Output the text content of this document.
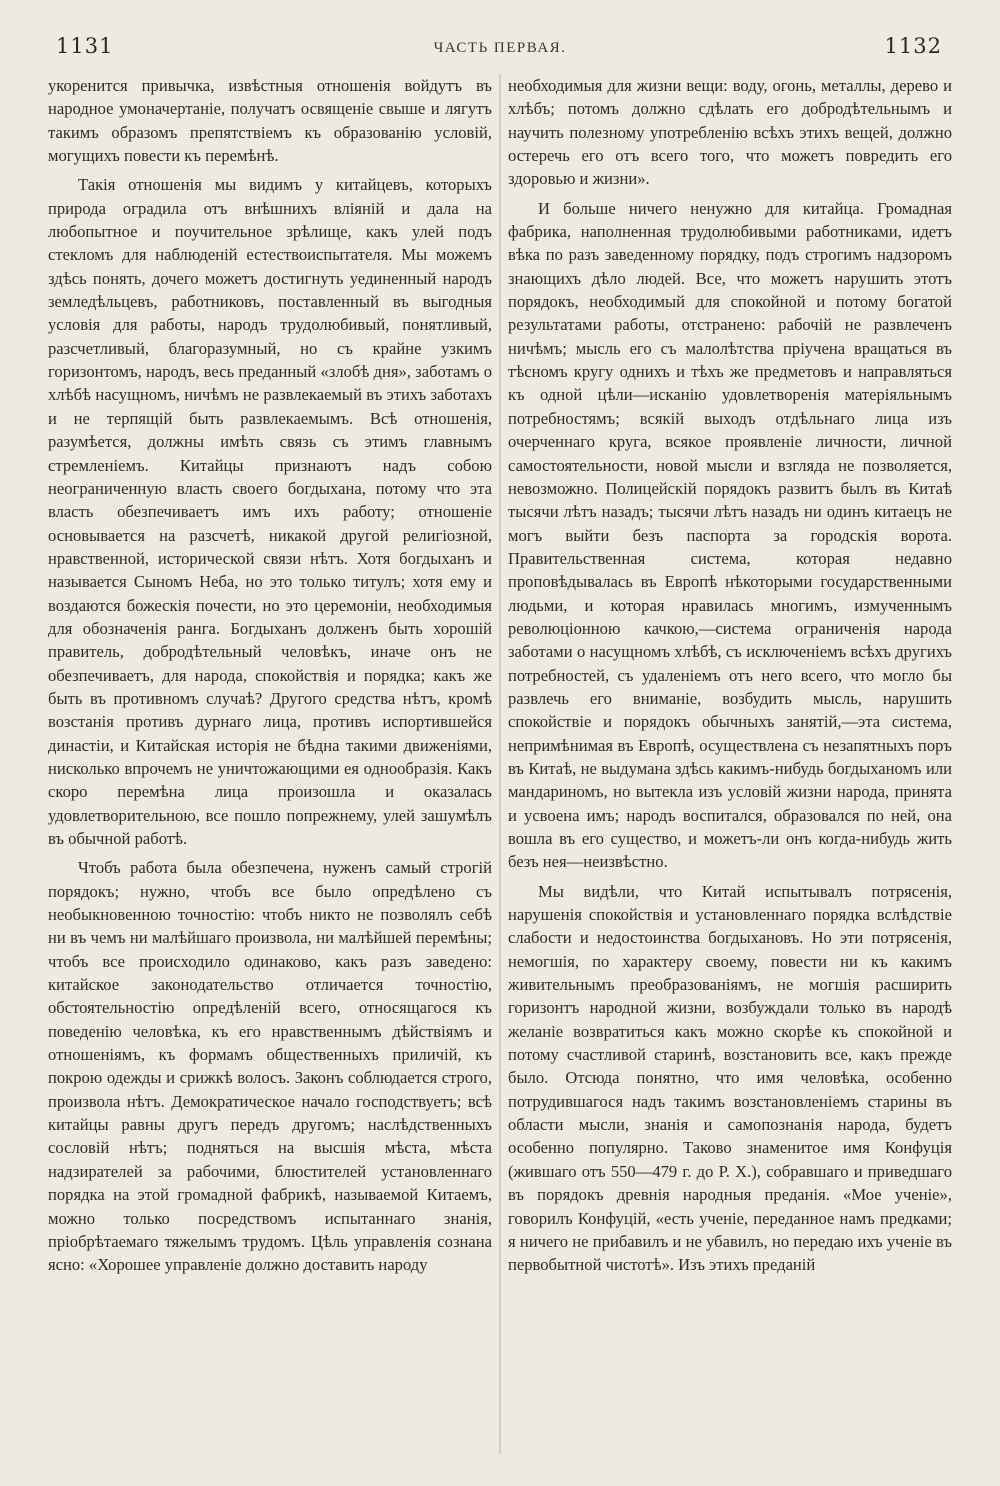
1131	ЧАСТЬ ПЕРВАЯ.	1132

укоренится привычка, извѣстныя отношенія войдутъ въ народное умоначертаніе, получатъ освященіе свыше и лягутъ такимъ образомъ препятствіемъ къ образованію условій, могущихъ повести къ перемѣнѣ.

Такія отношенія мы видимъ у китайцевъ, которыхъ природа оградила отъ внѣшнихъ вліяній и дала на любопытное и поучительное зрѣлище, какъ улей подъ стекломъ для наблюденій естествоиспытателя. Мы можемъ здѣсь понять, дочего можетъ достигнуть уединенный народъ земледѣльцевъ, работниковъ, поставленный въ выгодныя условія для работы, народъ трудолюбивый, понятливый, разсчетливый, благоразумный, но съ крайне узкимъ горизонтомъ, народъ, весь преданный «злобѣ дня», заботамъ о хлѣбѣ насущномъ, ничѣмъ не развлекаемый въ этихъ заботахъ и не терпящій быть развлекаемымъ. Всѣ отношенія, разумѣется, должны имѣть связь съ этимъ главнымъ стремленіемъ. Китайцы признаютъ надъ собою неограниченную власть своего богдыхана, потому что эта власть обезпечиваетъ имъ ихъ работу; отношеніе основывается на разсчетѣ, никакой другой религіозной, нравственной, исторической связи нѣтъ. Хотя богдыханъ и называется Сыномъ Неба, но это только титулъ; хотя ему и воздаются божескія почести, но это церемоніи, необходимыя для обозначенія ранга. Богдыханъ долженъ быть хорошій правитель, добродѣтельный человѣкъ, иначе онъ не обезпечиваетъ, для народа, спокойствія и порядка; какъ же быть въ противномъ случаѣ? Другого средства нѣтъ, кромѣ возстанія противъ дурнаго лица, противъ испортившейся династіи, и Китайская исторія не бѣдна такими движеніями, нисколько впрочемъ не уничтожающими ея однообразія. Какъ скоро перемѣна лица произошла и оказалась удовлетворительною, все пошло попрежнему, улей зашумѣлъ въ обычной работѣ.

Чтобъ работа была обезпечена, нуженъ самый строгій порядокъ; нужно, чтобъ все было опредѣлено съ необыкновенною точностію: чтобъ никто не позволялъ себѣ ни въ чемъ ни малѣйшаго произвола, ни малѣйшей перемѣны; чтобъ все происходило одинаково, какъ разъ заведено: китайское законодательство отличается точностію, обстоятельностію опредѣленій всего, относящагося къ поведенію человѣка, къ его нравственнымъ дѣйствіямъ и отношеніямъ, къ формамъ общественныхъ приличій, къ покрою одежды и срижкѣ волосъ. Законъ соблюдается строго, произвола нѣтъ. Демократическое начало господствуетъ; всѣ китайцы равны другъ передъ другомъ; наслѣдственныхъ сословій нѣтъ; подняться на высшія мѣста, мѣста надзирателей за рабочими, блюстителей установленнаго порядка на этой громадной фабрикѣ, называемой Китаемъ, можно только посредствомъ испытаннаго знанія, пріобрѣтаемаго тяжелымъ трудомъ. Цѣль управленія сознана ясно: «Хорошее управленіе должно доставить народу

необходимыя для жизни вещи: воду, огонь, металлы, дерево и хлѣбъ; потомъ должно сдѣлать его добродѣтельнымъ и научить полезному употребленію всѣхъ этихъ вещей, должно остеречь его отъ всего того, что можетъ повредить его здоровью и жизни».

И больше ничего ненужно для китайца. Громадная фабрика, наполненная трудолюбивыми работниками, идетъ вѣка по разъ заведенному порядку, подъ строгимъ надзоромъ знающихъ дѣло людей. Все, что можетъ нарушить этотъ порядокъ, необходимый для спокойной и потому богатой результатами работы, отстранено: рабочій не развлеченъ ничѣмъ; мысль его съ малолѣтства пріучена вращаться въ тѣсномъ кругу однихъ и тѣхъ же предметовъ и направляться къ одной цѣли—исканію удовлетворенія матеріяльнымъ потребностямъ; всякій выходъ отдѣльнаго лица изъ очерченнаго круга, всякое проявленіе личности, личной самостоятельности, новой мысли и взгляда не позволяется, невозможно. Полицейскій порядокъ развитъ былъ въ Китаѣ тысячи лѣтъ назадъ; тысячи лѣтъ назадъ ни одинъ китаецъ не могъ выйти безъ паспорта за городскія ворота. Правительственная система, которая недавно проповѣдывалась въ Европѣ нѣкоторыми государственными людьми, и которая нравилась многимъ, измученнымъ революціонною качкою,—система ограниченія народа заботами о насущномъ хлѣбѣ, съ исключеніемъ всѣхъ другихъ потребностей, съ удаленіемъ отъ него всего, что могло бы развлечь его вниманіе, возбудить мысль, нарушить спокойствіе и порядокъ обычныхъ занятій,—эта система, непримѣнимая въ Европѣ, осуществлена съ незапятныхъ поръ въ Китаѣ, не выдумана здѣсь какимъ-нибудь богдыханомъ или мандариномъ, но вытекла изъ условій жизни народа, принята и усвоена имъ; народъ воспитался, образовался по ней, она вошла въ его существо, и можетъ-ли онъ когда-нибудь жить безъ нея—неизвѣстно.

Мы видѣли, что Китай испытывалъ потрясенія, нарушенія спокойствія и установленнаго порядка вслѣдствіе слабости и недостоинства богдыхановъ. Но эти потрясенія, немогшія, по характеру своему, повести ни къ какимъ живительнымъ преобразованіямъ, не могшія расширить горизонтъ народной жизни, возбуждали только въ народѣ желаніе возвратиться какъ можно скорѣе къ спокойной и потому счастливой старинѣ, возстановить все, какъ прежде было. Отсюда понятно, что имя человѣка, особенно потрудившагося надъ такимъ возстановленіемъ старины въ области мысли, знанія и самопознанія народа, будетъ особенно популярно. Таково знаменитое имя Конфуція (жившаго отъ 550—479 г. до Р. Х.), собравшаго и приведшаго въ порядокъ древнія народныя преданія. «Мое ученіе», говорилъ Конфуцій, «есть ученіе, переданное намъ предками; я ничего не прибавилъ и не убавилъ, но передаю ихъ ученіе въ первобытной чистотѣ». Изъ этихъ преданій
